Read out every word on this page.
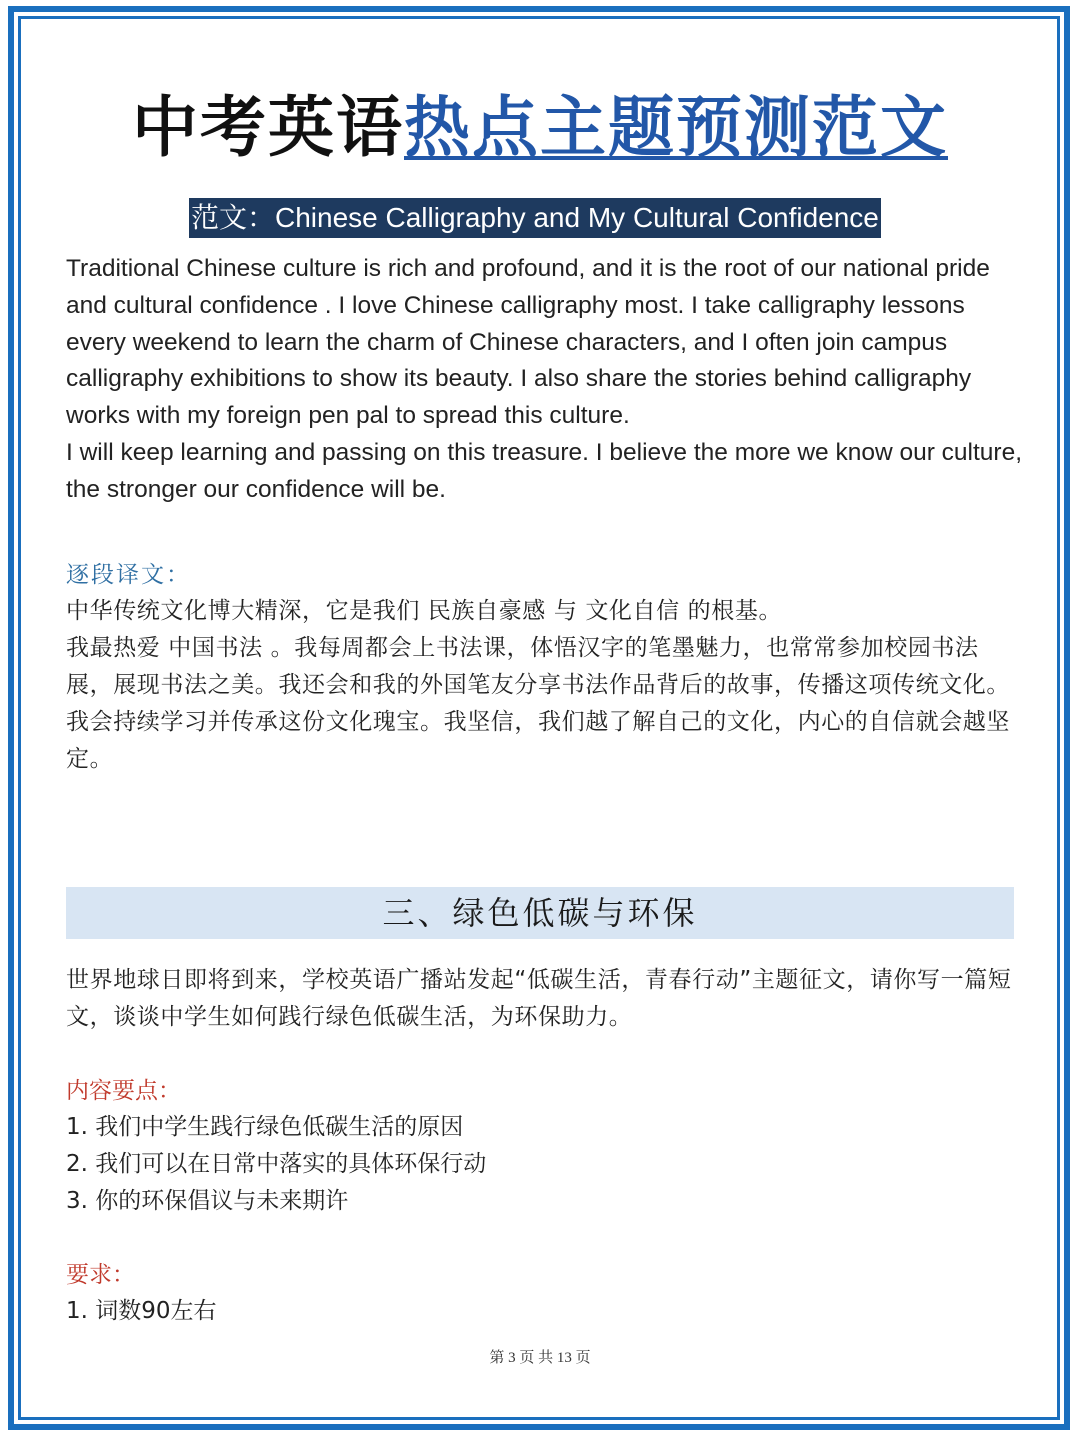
中考英语热点主题预测范文
范文：Chinese Calligraphy and My Cultural Confidence

Traditional Chinese culture is rich and profound, and it is the root of our national pride and cultural confidence . I love Chinese calligraphy most. I take calligraphy lessons every weekend to learn the charm of Chinese characters, and I often join campus calligraphy exhibitions to show its beauty. I also share the stories behind calligraphy works with my foreign pen pal to spread this culture.

I will keep learning and passing on this treasure. I believe the more we know our culture, the stronger our confidence will be.

逐段译文：

中华传统文化博大精深，它是我们 民族自豪感 与 文化自信 的根基。

我最热爱 中国书法 。我每周都会上书法课，体悟汉字的笔墨魅力，也常常参加校园书法展，展现书法之美。我还会和我的外国笔友分享书法作品背后的故事，传播这项传统文化。

我会持续学习并传承这份文化瑰宝。我坚信，我们越了解自己的文化，内心的自信就会越坚定。

三、绿色低碳与环保
世界地球日即将到来，学校英语广播站发起“低碳生活，青春行动”主题征文，请你写一篇短文，谈谈中学生如何践行绿色低碳生活，为环保助力。
内容要点：
1. 我们中学生践行绿色低碳生活的原因
2. 我们可以在日常中落实的具体环保行动
3. 你的环保倡议与未来期许
要求：
1. 词数90左右
第 3 页 共 13 页
